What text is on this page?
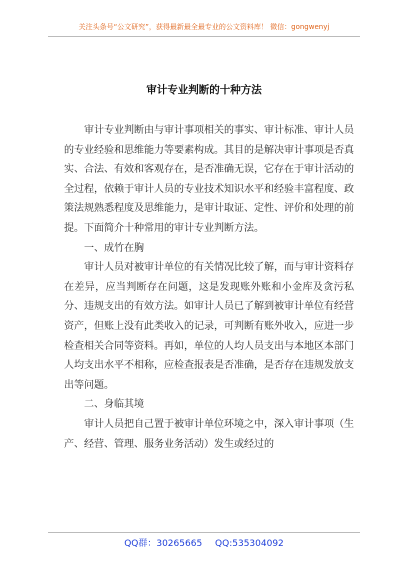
关注头条号“公文研究”，获得最新最全最专业的公文资料库！ 微信：gongwenyj
审计专业判断的十种方法

审计专业判断由与审计事项相关的事实、审计标准、审计人员的专业经验和思维能力等要素构成。其目的是解决审计事项是否真实、合法、有效和客观存在，是否准确无误，它存在于审计活动的全过程，依赖于审计人员的专业技术知识水平和经验丰富程度、政策法规熟悉程度及思维能力，是审计取证、定性、评价和处理的前提。下面简介十种常用的审计专业判断方法。

一、成竹在胸

审计人员对被审计单位的有关情况比较了解，而与审计资料存在差异，应当判断存在问题，这是发现账外账和小金库及贪污私分、违规支出的有效方法。如审计人员已了解到被审计单位有经营资产，但账上没有此类收入的记录，可判断有账外收入，应进一步检查相关合同等资料。再如，单位的人均人员支出与本地区本部门人均支出水平不相称，应检查报表是否准确，是否存在违规发放支出等问题。

二、身临其境

审计人员把自己置于被审计单位环境之中，深入审计事项（生产、经营、管理、服务业务活动）发生或经过的

QQ群：30265665 QQ:535304092
